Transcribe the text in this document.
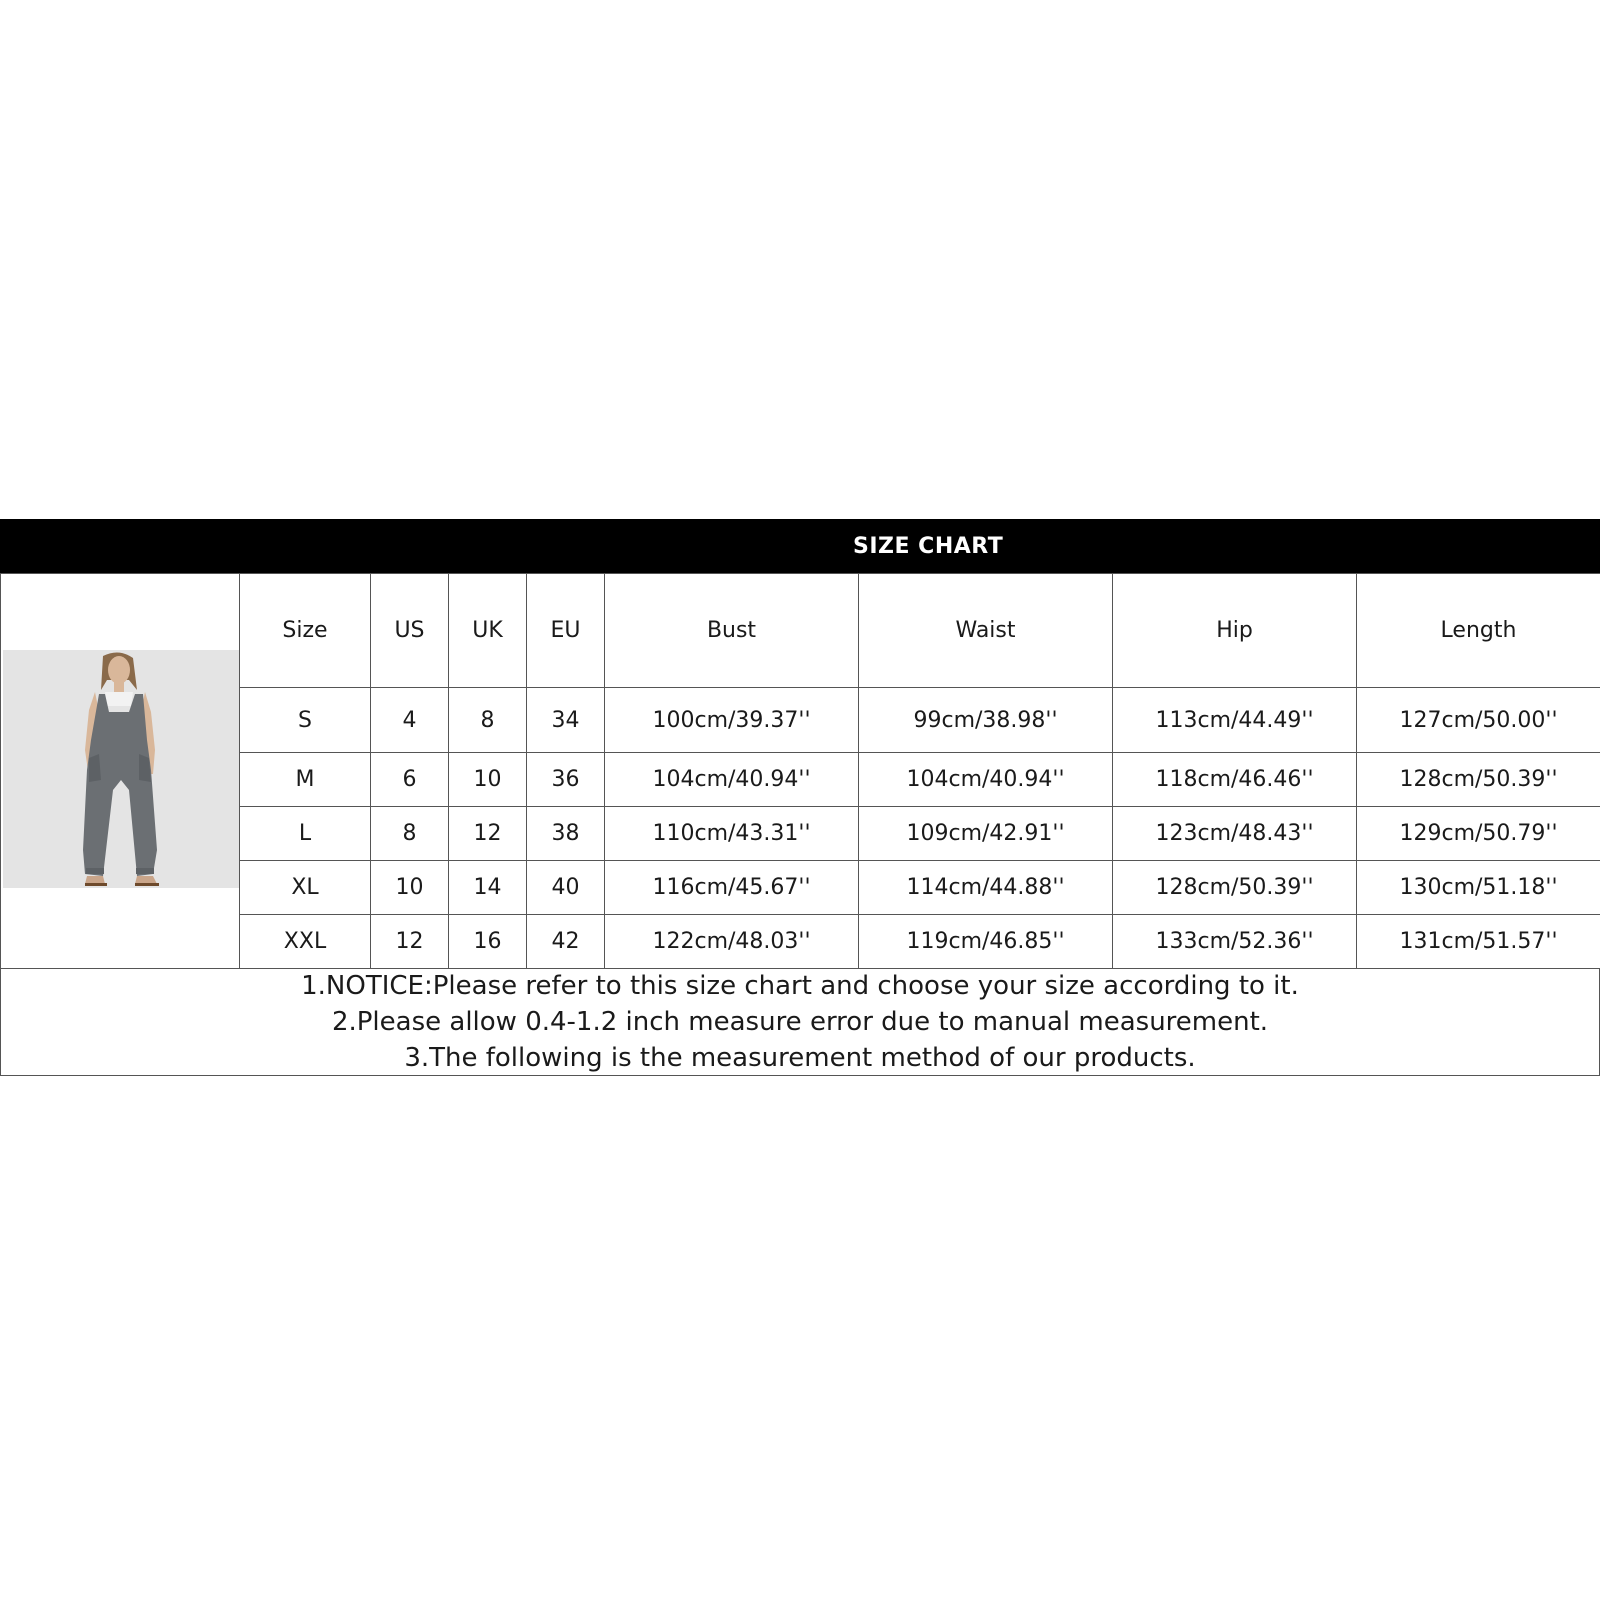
SIZE CHART
	Size	US	UK	EU	Bust	Waist	Hip	Length
	S	4	8	34	100cm/39.37''	99cm/38.98''	113cm/44.49''	127cm/50.00''
	M	6	10	36	104cm/40.94''	104cm/40.94''	118cm/46.46''	128cm/50.39''
	L	8	12	38	110cm/43.31''	109cm/42.91''	123cm/48.43''	129cm/50.79''
	XL	10	14	40	116cm/45.67''	114cm/44.88''	128cm/50.39''	130cm/51.18''
	XXL	12	16	42	122cm/48.03''	119cm/46.85''	133cm/52.36''	131cm/51.57''
1.NOTICE:Please refer to this size chart and choose your size according to it.
2.Please allow 0.4-1.2 inch measure error due to manual measurement.
3.The following is the measurement method of our products.
